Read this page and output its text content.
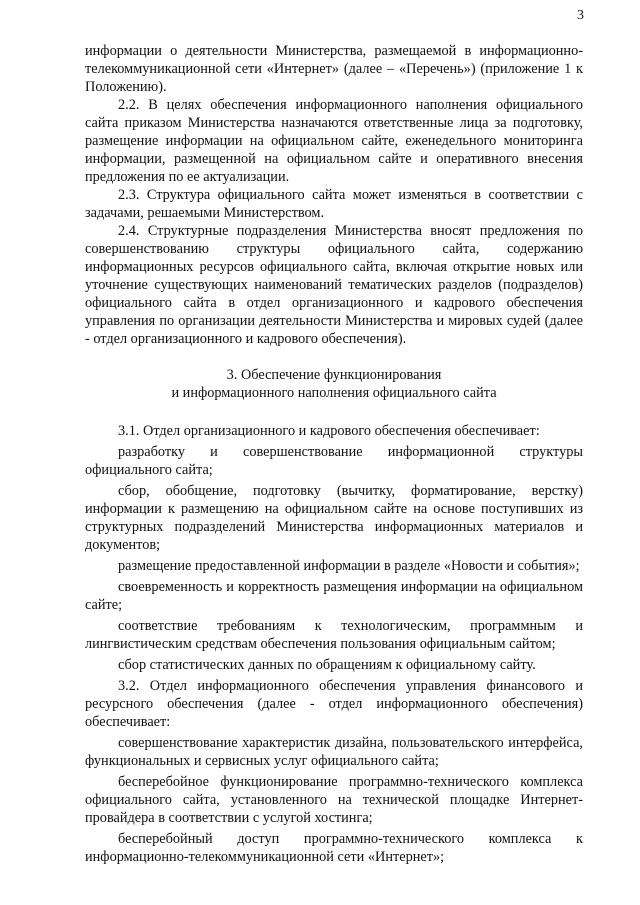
3

информации о деятельности Министерства, размещаемой в информационно-телекоммуникационной сети «Интернет» (далее – «Перечень») (приложение 1 к Положению).

2.2. В целях обеспечения информационного наполнения официального сайта приказом Министерства назначаются ответственные лица за подготовку, размещение информации на официальном сайте, еженедельного мониторинга информации, размещенной на официальном сайте и оперативного внесения предложения по ее актуализации.

2.3. Структура официального сайта может изменяться в соответствии с задачами, решаемыми Министерством.

2.4. Структурные подразделения Министерства вносят предложения по совершенствованию структуры официального сайта, содержанию информационных ресурсов официального сайта, включая открытие новых или уточнение существующих наименований тематических разделов (подразделов) официального сайта в отдел организационного и кадрового обеспечения управления по организации деятельности Министерства и мировых судей (далее - отдел организационного и кадрового обеспечения).

3. Обеспечение функционирования
и информационного наполнения официального сайта

3.1. Отдел организационного и кадрового обеспечения обеспечивает:

разработку и совершенствование информационной структуры официального сайта;

сбор, обобщение, подготовку (вычитку, форматирование, верстку) информации к размещению на официальном сайте на основе поступивших из структурных подразделений Министерства информационных материалов и документов;

размещение предоставленной информации в разделе «Новости и события»;

своевременность и корректность размещения информации на официальном сайте;

соответствие требованиям к технологическим, программным и лингвистическим средствам обеспечения пользования официальным сайтом;

сбор статистических данных по обращениям к официальному сайту.

3.2. Отдел информационного обеспечения управления финансового и ресурсного обеспечения (далее - отдел информационного обеспечения) обеспечивает:

совершенствование характеристик дизайна, пользовательского интерфейса, функциональных и сервисных услуг официального сайта;

бесперебойное функционирование программно-технического комплекса официального сайта, установленного на технической площадке Интернет-провайдера в соответствии с услугой хостинга;

бесперебойный доступ программно-технического комплекса к информационно-телекоммуникационной сети «Интернет»;
